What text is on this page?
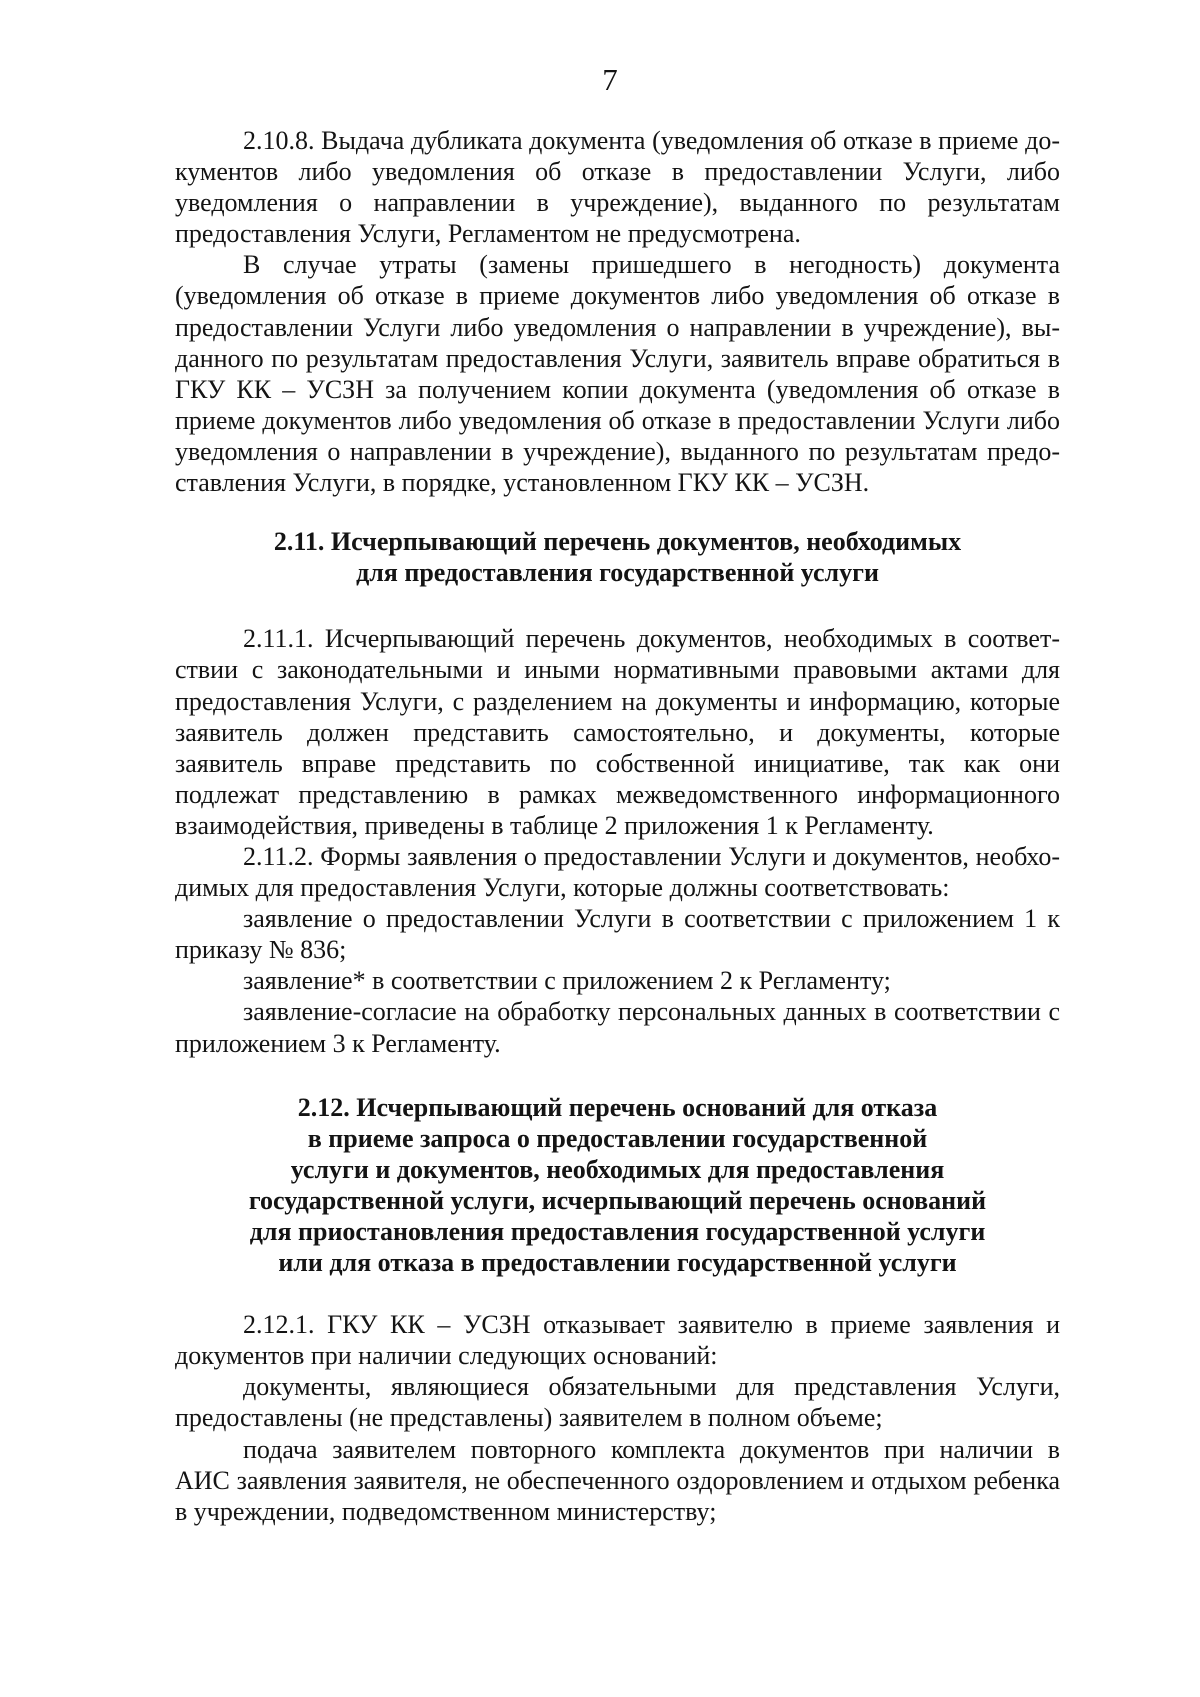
7

2.10.8. Выдача дубликата документа (уведомления об отказе в приеме документов либо уведомления об отказе в предоставлении Услуги, либо уведомления о направлении в учреждение), выданного по результатам предоставления Услуги, Регламентом не предусмотрена.

В случае утраты (замены пришедшего в негодность) документа (уведомления об отказе в приеме документов либо уведомления об отказе в предоставлении Услуги либо уведомления о направлении в учреждение), выданного по результатам предоставления Услуги, заявитель вправе обратиться в ГКУ КК – УСЗН за получением копии документа (уведомления об отказе в приеме документов либо уведомления об отказе в предоставлении Услуги либо уведомления о направлении в учреждение), выданного по результатам предоставления Услуги, в порядке, установленном ГКУ КК – УСЗН.

2.11. Исчерпывающий перечень документов, необходимых
для предоставления государственной услуги

2.11.1. Исчерпывающий перечень документов, необходимых в соответствии с законодательными и иными нормативными правовыми актами для предоставления Услуги, с разделением на документы и информацию, которые заявитель должен представить самостоятельно, и документы, которые заявитель вправе представить по собственной инициативе, так как они подлежат представлению в рамках межведомственного информационного взаимодействия, приведены в таблице 2 приложения 1 к Регламенту.

2.11.2. Формы заявления о предоставлении Услуги и документов, необходимых для предоставления Услуги, которые должны соответствовать:

заявление о предоставлении Услуги в соответствии с приложением 1 к приказу № 836;

заявление* в соответствии с приложением 2 к Регламенту;

заявление-согласие на обработку персональных данных в соответствии с приложением 3 к Регламенту.

2.12. Исчерпывающий перечень оснований для отказа
в приеме запроса о предоставлении государственной
услуги и документов, необходимых для предоставления
государственной услуги, исчерпывающий перечень оснований
для приостановления предоставления государственной услуги
или для отказа в предоставлении государственной услуги

2.12.1. ГКУ КК – УСЗН отказывает заявителю в приеме заявления и документов при наличии следующих оснований:

документы, являющиеся обязательными для представления Услуги, предоставлены (не представлены) заявителем в полном объеме;

подача заявителем повторного комплекта документов при наличии в АИС заявления заявителя, не обеспеченного оздоровлением и отдыхом ребенка в учреждении, подведомственном министерству;
